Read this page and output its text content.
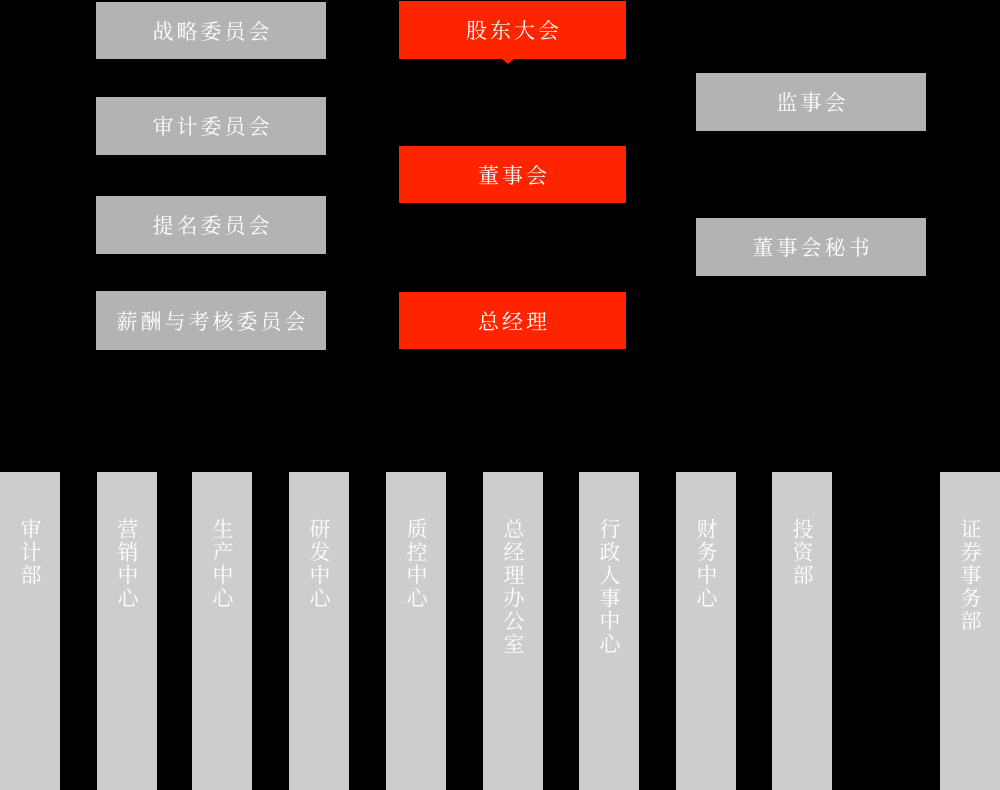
战略委员会
审计委员会
提名委员会
薪酬与考核委员会
股东大会
董事会
总经理
监事会
董事会秘书
审计部	营销中心	生产中心	研发中心	质控中心	总经理办公室	行政人事中心	财务中心	投资部	证券事务部
